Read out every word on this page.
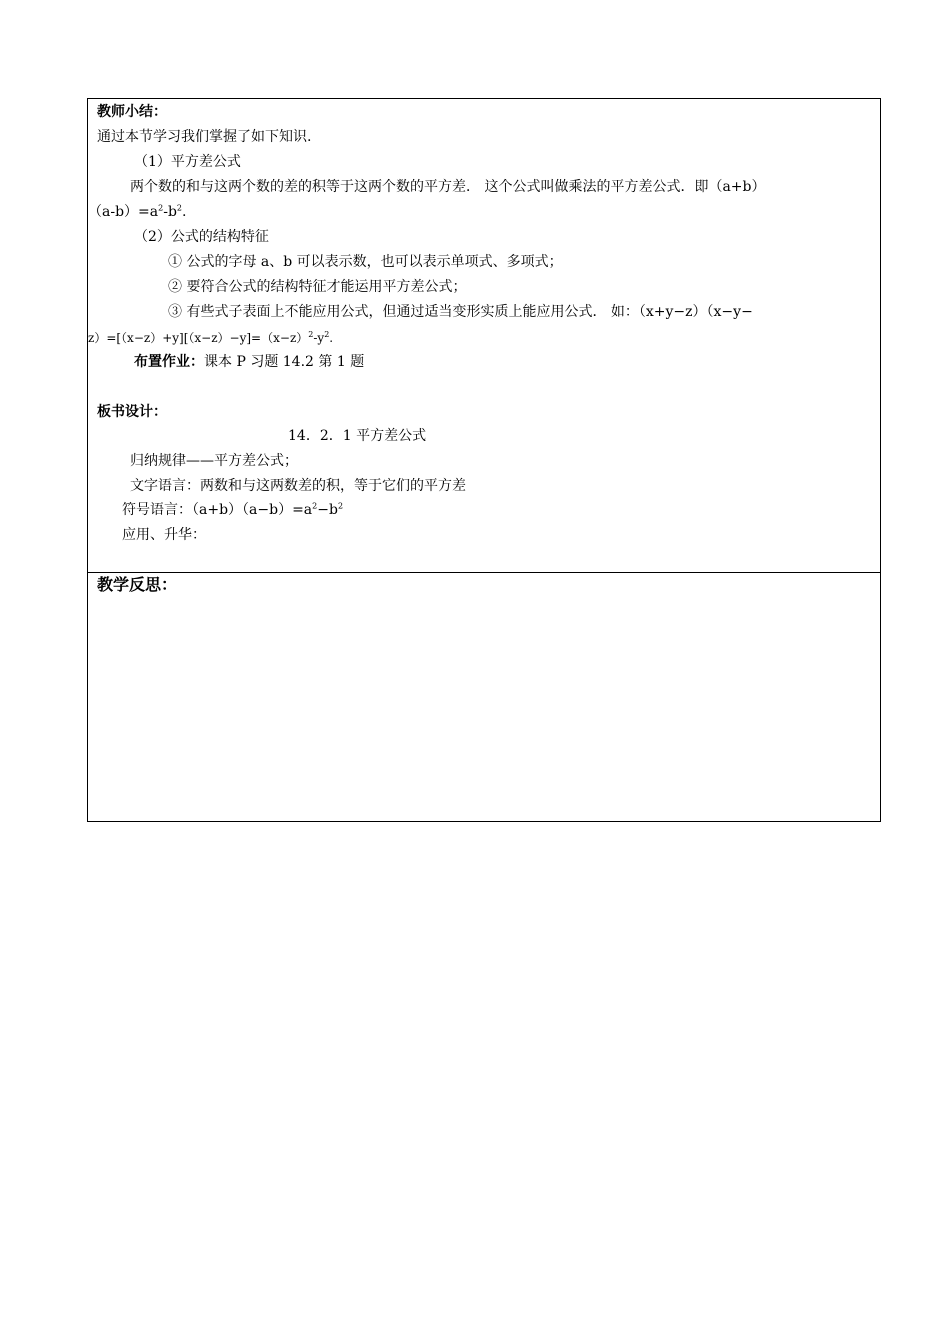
教师小结：
通过本节学习我们掌握了如下知识.
（1）平方差公式
两个数的和与这两个数的差的积等于这两个数的平方差． 这个公式叫做乘法的平方差公式．即（a+b）
$(a-b)=a^2-b^2$.
（2）公式的结构特征
① 公式的字母 a、b 可以表示数，也可以表示单项式、多项式；
② 要符合公式的结构特征才能运用平方差公式；
③ 有些式子表面上不能应用公式，但通过适当变形实质上能应用公式． 如：（x+y−z）（x−y−
$z)=[(x-z)+y][(x-z)-y]=(x-z)^2-y^2$.
布置作业：课本 P 习题 14.2 第 1 题
板书设计：
14．2．1 平方差公式
归纳规律——平方差公式；
文字语言：两数和与这两数差的积，等于它们的平方差
符号语言：$(a+b)(a-b)=a^2-b^2$
应用、升华：
教学反思：
